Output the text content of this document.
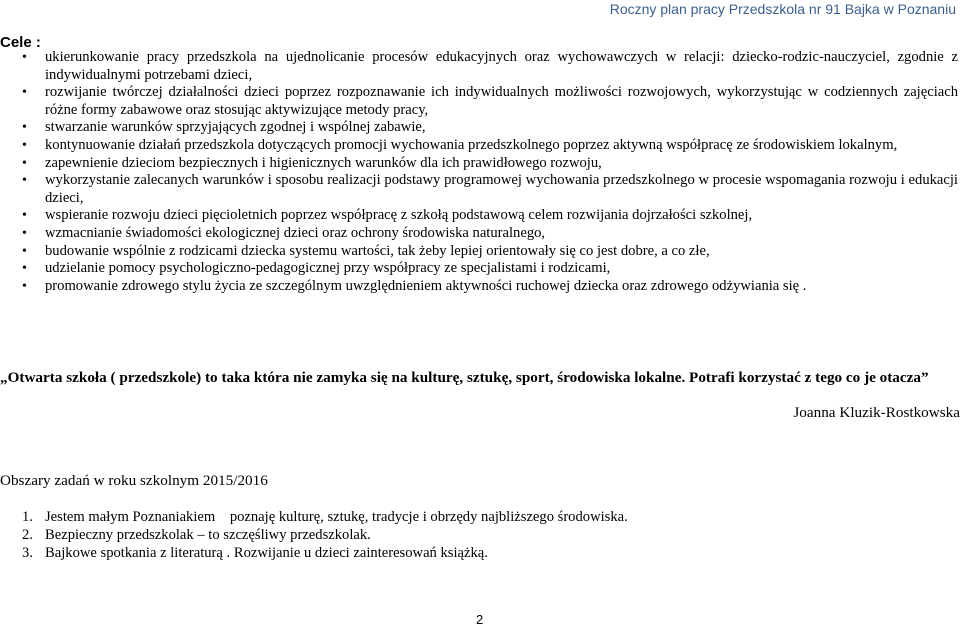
Roczny plan pracy Przedszkola nr 91 Bajka w Poznaniu
Cele :
• ukierunkowanie pracy przedszkola na ujednolicanie procesów edukacyjnych oraz wychowawczych w relacji: dziecko-rodzic-nauczyciel, zgodnie z indywidualnymi potrzebami dzieci,
• rozwijanie twórczej działalności dzieci poprzez rozpoznawanie ich indywidualnych możliwości rozwojowych, wykorzystując w codziennych zajęciach różne formy zabawowe oraz stosując aktywizujące metody pracy,
• stwarzanie warunków sprzyjających zgodnej i wspólnej zabawie,
• kontynuowanie działań przedszkola dotyczących promocji wychowania przedszkolnego poprzez aktywną współpracę ze środowiskiem lokalnym,
• zapewnienie dzieciom bezpiecznych i higienicznych warunków dla ich prawidłowego rozwoju,
• wykorzystanie zalecanych warunków i sposobu realizacji podstawy programowej wychowania przedszkolnego w procesie wspomagania rozwoju i edukacji dzieci,
• wspieranie rozwoju dzieci pięcioletnich poprzez współpracę z szkołą podstawową celem rozwijania dojrzałości szkolnej,
• wzmacnianie świadomości ekologicznej dzieci oraz ochrony środowiska naturalnego,
• budowanie wspólnie z rodzicami dziecka systemu wartości, tak żeby lepiej orientowały się co jest dobre, a co złe,
• udzielanie pomocy psychologiczno-pedagogicznej przy współpracy ze specjalistami i rodzicami,
• promowanie zdrowego stylu życia ze szczególnym uwzględnieniem aktywności ruchowej dziecka oraz zdrowego odżywiania się .
„Otwarta szkoła ( przedszkole) to taka która nie zamyka się na kulturę, sztukę, sport, środowiska lokalne. Potrafi korzystać z tego co je otacza”
Joanna Kluzik-Rostkowska
Obszary zadań w roku szkolnym 2015/2016
1. Jestem małym Poznaniakiem    poznaję kulturę, sztukę, tradycje i obrzędy najbliższego środowiska.
2. Bezpieczny przedszkolak – to szczęśliwy przedszkolak.
3. Bajkowe spotkania z literaturą . Rozwijanie u dzieci zainteresowań książką.
2
